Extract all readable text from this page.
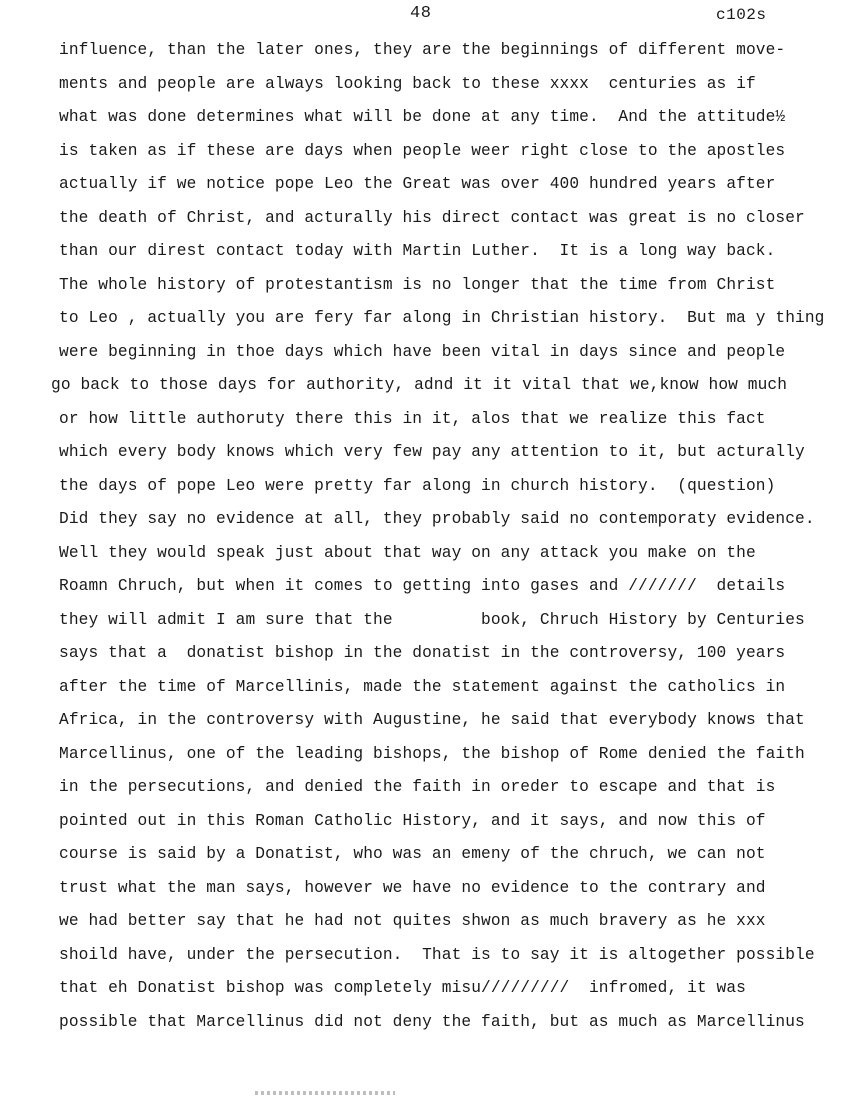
48	c102s
influence, than the later ones, they are the beginnings of different move-
ments and people are always looking back to these xxxx  centuries as if
what was done determines what will be done at any time.  And the attitude½
is taken as if these are days when people weer right close to the apostles
actually if we notice pope Leo the Great was over 400 hundred years after
the death of Christ, and acturally his direct contact was great is no closer
than our direst contact today with Martin Luther.  It is a long way back.
The whole history of protestantism is no longer that the time from Christ
to Leo , actually you are fery far along in Christian history.  But ma y thing
were beginning in thoe days which have been vital in days since and people
go back to those days for authority, adnd it it vital that we,know how much
or how little authoruty there this in it, alos that we realize this fact
which every body knows which very few pay any attention to it, but acturally
the days of pope Leo were pretty far along in church history.  (question)
Did they say no evidence at all, they probably said no contemporaty evidence.
Well they would speak just about that way on any attack you make on the
Roamn Chruch, but when it comes to getting into gases and ///////  details
they will admit I am sure that the         book, Chruch History by Centuries
says that a  donatist bishop in the donatist in the controversy, 100 years
after the time of Marcellinis, made the statement against the catholics in
Africa, in the controversy with Augustine, he said that everybody knows that
Marcellinus, one of the leading bishops, the bishop of Rome denied the faith
in the persecutions, and denied the faith in oreder to escape and that is
pointed out in this Roman Catholic History, and it says, and now this of
course is said by a Donatist, who was an emeny of the chruch, we can not
trust what the man says, however we have no evidence to the contrary and
we had better say that he had not quites shwon as much bravery as he xxx
shoild have, under the persecution.  That is to say it is altogether possible
that eh Donatist bishop was completely misu/////////  infromed, it was
possible that Marcellinus did not deny the faith, but as much as Marcellinus
